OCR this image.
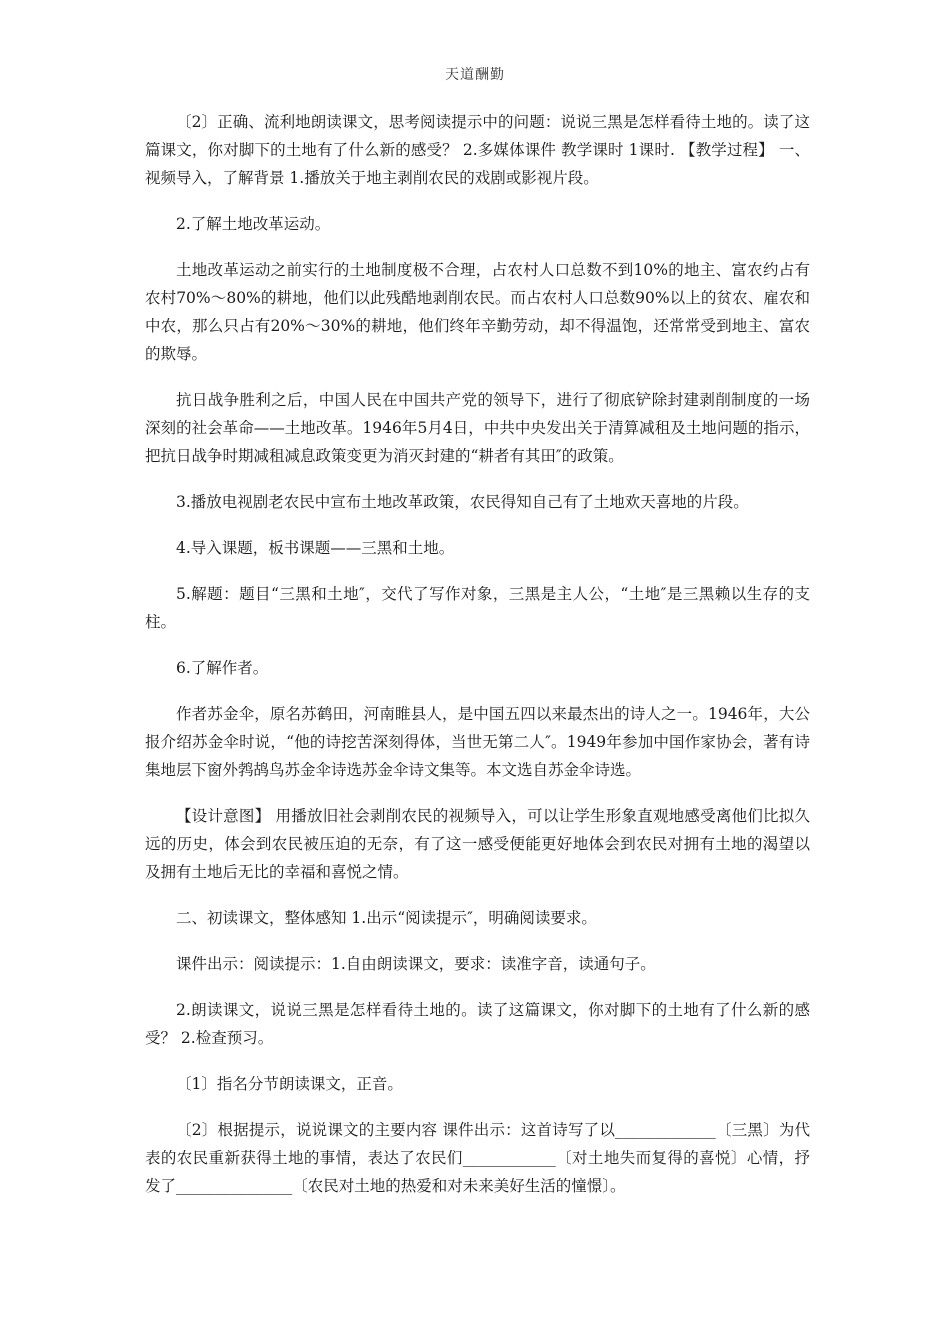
天道酬勤

〔2〕正确、流利地朗读课文，思考阅读提示中的问题：说说三黑是怎样看待土地的。读了这篇课文，你对脚下的土地有了什么新的感受？ 2.多媒体课件 教学课时 1课时. 【教学过程】 一、视频导入，了解背景 1.播放关于地主剥削农民的戏剧或影视片段。

2.了解土地改革运动。

土地改革运动之前实行的土地制度极不合理，占农村人口总数不到10%的地主、富农约占有农村70%～80%的耕地，他们以此残酷地剥削农民。而占农村人口总数90%以上的贫农、雇农和中农，那么只占有20%～30%的耕地，他们终年辛勤劳动，却不得温饱，还常常受到地主、富农的欺辱。

抗日战争胜利之后，中国人民在中国共产党的领导下，进行了彻底铲除封建剥削制度的一场深刻的社会革命——土地改革。1946年5月4日，中共中央发出关于清算减租及土地问题的指示，把抗日战争时期减租减息政策变更为消灭封建的“耕者有其田″的政策。

3.播放电视剧老农民中宣布土地改革政策，农民得知自己有了土地欢天喜地的片段。

4.导入课题，板书课题——三黑和土地。

5.解题：题目“三黑和土地″，交代了写作对象，三黑是主人公，“土地″是三黑赖以生存的支柱。

6.了解作者。

作者苏金伞，原名苏鹤田，河南睢县人，是中国五四以来最杰出的诗人之一。1946年，大公报介绍苏金伞时说，“他的诗挖苦深刻得体，当世无第二人″。1949年参加中国作家协会，著有诗集地层下窗外鹁鸪鸟苏金伞诗选苏金伞诗文集等。本文选自苏金伞诗选。

【设计意图】 用播放旧社会剥削农民的视频导入，可以让学生形象直观地感受离他们比拟久远的历史，体会到农民被压迫的无奈，有了这一感受便能更好地体会到农民对拥有土地的渴望以及拥有土地后无比的幸福和喜悦之情。

二、初读课文，整体感知 1.出示“阅读提示″，明确阅读要求。

课件出示：阅读提示：1.自由朗读课文，要求：读准字音，读通句子。

2.朗读课文，说说三黑是怎样看待土地的。读了这篇课文，你对脚下的土地有了什么新的感受？ 2.检查预习。

〔1〕指名分节朗读课文，正音。

〔2〕根据提示，说说课文的主要内容 课件出示：这首诗写了以_____________〔三黑〕为代表的农民重新获得土地的事情，表达了农民们____________〔对土地失而复得的喜悦〕心情，抒发了_______________〔农民对土地的热爱和对未来美好生活的憧憬〕。
